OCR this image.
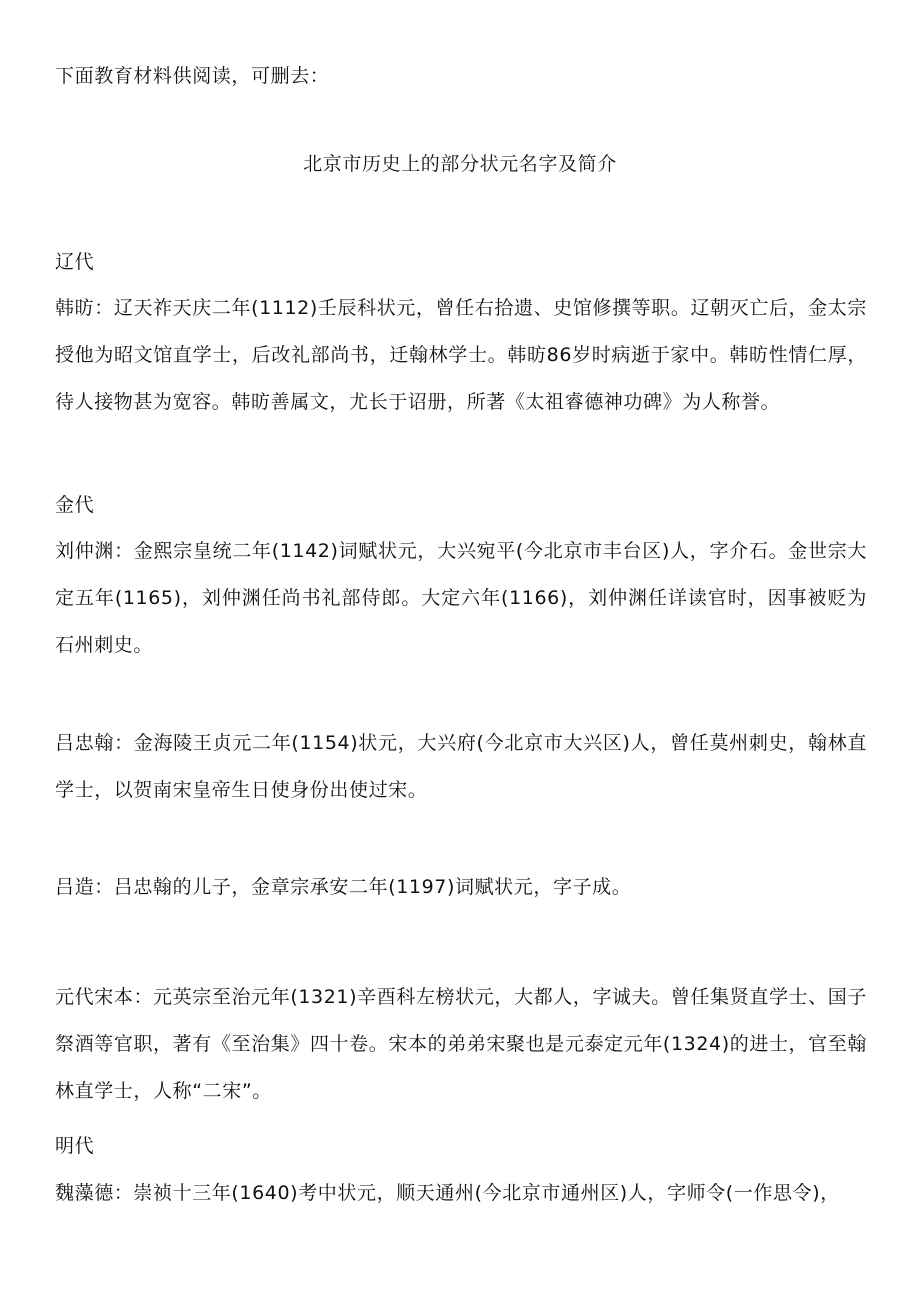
下面教育材料供阅读，可删去：
北京市历史上的部分状元名字及简介
辽代
韩昉：辽天祚天庆二年(1112)壬辰科状元，曾任右拾遗、史馆修撰等职。辽朝灭亡后，金太宗授他为昭文馆直学士，后改礼部尚书，迁翰林学士。韩昉86岁时病逝于家中。韩昉性情仁厚，待人接物甚为宽容。韩昉善属文，尤长于诏册，所著《太祖睿德神功碑》为人称誉。
金代
刘仲渊：金熙宗皇统二年(1142)词赋状元，大兴宛平(今北京市丰台区)人，字介石。金世宗大定五年(1165)，刘仲渊任尚书礼部侍郎。大定六年(1166)，刘仲渊任详读官时，因事被贬为石州刺史。
吕忠翰：金海陵王贞元二年(1154)状元，大兴府(今北京市大兴区)人，曾任莫州刺史，翰林直学士，以贺南宋皇帝生日使身份出使过宋。
吕造：吕忠翰的儿子，金章宗承安二年(1197)词赋状元，字子成。
元代宋本：元英宗至治元年(1321)辛酉科左榜状元，大都人，字诚夫。曾任集贤直学士、国子祭酒等官职，著有《至治集》四十卷。宋本的弟弟宋聚也是元泰定元年(1324)的进士，官至翰林直学士，人称“二宋”。
明代
魏藻德：崇祯十三年(1640)考中状元，顺天通州(今北京市通州区)人，字师令(一作思令)，
